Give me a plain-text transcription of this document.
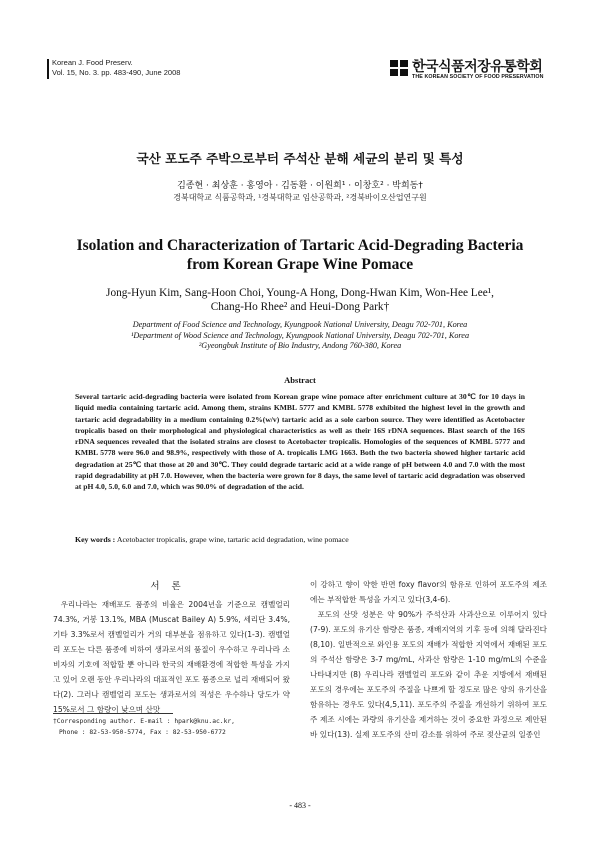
Korean J. Food Preserv.
Vol. 15, No. 3. pp. 483-490, June 2008	한국식품저장유통학회
THE KOREAN SOCIETY OF FOOD PRESERVATION
국산 포도주 주박으로부터 주석산 분해 세균의 분리 및 특성
김종현 · 최상훈 · 홍영아 · 김동환 · 이원희¹ · 이창호² · 박희동†
경북대학교 식품공학과, ¹경북대학교 임산공학과, ²경북바이오산업연구원
Isolation and Characterization of Tartaric Acid-Degrading Bacteria
from Korean Grape Wine Pomace
Jong-Hyun Kim, Sang-Hoon Choi, Young-A Hong, Dong-Hwan Kim, Won-Hee Lee¹,
Chang-Ho Rhee² and Heui-Dong Park†
Department of Food Science and Technology, Kyungpook National University, Deagu 702-701, Korea
¹Department of Wood Science and Technology, Kyungpook National University, Deagu 702-701, Korea
²Gyeongbuk Institute of Bio Industry, Andong 760-380, Korea
Abstract
Several tartaric acid-degrading bacteria were isolated from Korean grape wine pomace after enrichment culture at 30℃ for 10 days in liquid media containing tartaric acid. Among them, strains KMBL 5777 and KMBL 5778 exhibited the highest level in the growth and tartaric acid degradability in a medium containing 0.2%(w/v) tartaric acid as a sole carbon source. They were identified as Acetobacter tropicalis based on their morphological and physiological characteristics as well as their 16S rDNA sequences. Blast search of the 16S rDNA sequences revealed that the isolated strains are closest to Acetobacter tropicalis. Homologies of the sequences of KMBL 5777 and KMBL 5778 were 96.0 and 98.9%, respectively with those of A. tropicalis LMG 1663. Both the two bacteria showed higher tartaric acid degradation at 25℃ that those at 20 and 30℃. They could degrade tartaric acid at a wide range of pH between 4.0 and 7.0 with the most rapid degradability at pH 7.0. However, when the bacteria were grown for 8 days, the same level of tartaric acid degradation was observed at pH 4.0, 5.0, 6.0 and 7.0, which was 90.0% of degradation of the acid.
Key words : Acetobacter tropicalis, grape wine, tartaric acid degradation, wine pomace
서론
우리나라는 재배포도 품종의 비율은 2004년을 기준으로 캠벨얼리 74.3%, 거봉 13.1%, MBA (Muscat Bailey A) 5.9%, 세리단 3.4%, 기타 3.3%로서 캠벨얼리가 거의 대부분을 점유하고 있다(1-3). 캠벨얼리 포도는 다른 품종에 비하여 생과로서의 품질이 우수하고 우리나라 소비자의 기호에 적합할 뿐 아니라 한국의 재배환경에 적합한 특성을 가지고 있어 오랜 동안 우리나라의 대표적인 포도 품종으로 널리 재배되어 왔다(2). 그러나 캠벨얼리 포도는 생과로서의 적성은 우수하나 당도가 약 15%로서 그 함량이 낮으며 산맛
이 강하고 향이 약한 반면 foxy flavor의 함유로 인하여 포도주의 제조에는 부적합한 특성을 가지고 있다(3,4-6).
포도의 산맛 성분은 약 90%가 주석산과 사과산으로 이루어지 있다(7-9). 포도의 유기산 함량은 품종, 재배지역의 기후 등에 의해 달라진다(8,10). 일반적으로 와인용 포도의 재배가 적합한 지역에서 재배된 포도의 주석산 함량은 3-7 mg/mL, 사과산 함량은 1-10 mg/mL의 수준을 나타내지만 (8) 우리나라 캠벨얼리 포도와 같이 추운 지방에서 재배된 포도의 경우에는 포도주의 주질을 나쁘게 할 정도로 많은 양의 유기산을 함유하는 경우도 있다(4,5,11). 포도주의 주질을 개선하기 위하여 포도주 제조 시에는 과량의 유기산을 제거하는 것이 중요한 과정으로 제안된 바 있다(13). 실제 포도주의 산미 감소를 위하여 주로 젖산균의 일종인
†Corresponding author. E-mail : hpark@knu.ac.kr,
Phone : 82-53-950-5774, Fax : 82-53-950-6772
- 483 -
